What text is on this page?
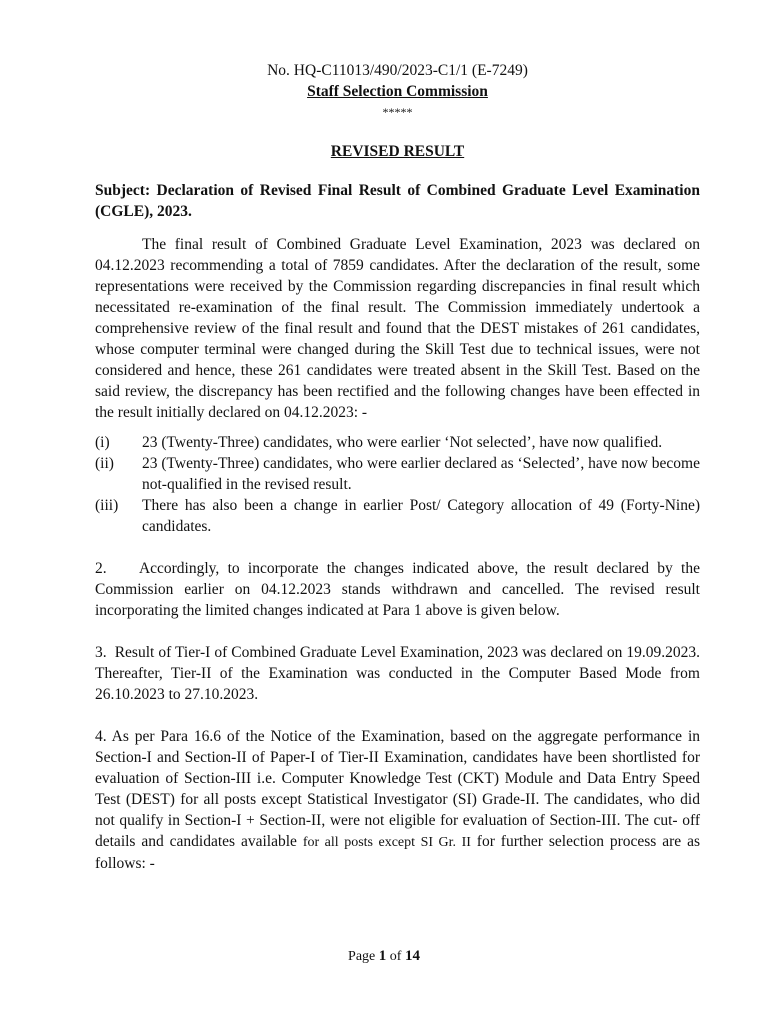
No. HQ-C11013/490/2023-C1/1 (E-7249)
Staff Selection Commission
*****
REVISED RESULT
Subject: Declaration of Revised Final Result of Combined Graduate Level Examination (CGLE), 2023.
The final result of Combined Graduate Level Examination, 2023 was declared on 04.12.2023 recommending a total of 7859 candidates. After the declaration of the result, some representations were received by the Commission regarding discrepancies in final result which necessitated re-examination of the final result. The Commission immediately undertook a comprehensive review of the final result and found that the DEST mistakes of 261 candidates, whose computer terminal were changed during the Skill Test due to technical issues, were not considered and hence, these 261 candidates were treated absent in the Skill Test. Based on the said review, the discrepancy has been rectified and the following changes have been effected in the result initially declared on 04.12.2023: -
(i)	23 (Twenty-Three) candidates, who were earlier ‘Not selected’, have now qualified.
(ii)	23 (Twenty-Three) candidates, who were earlier declared as ‘Selected’, have now become not-qualified in the revised result.
(iii)	There has also been a change in earlier Post/ Category allocation of 49 (Forty-Nine) candidates.
2.    Accordingly, to incorporate the changes indicated above, the result declared by the Commission earlier on 04.12.2023 stands withdrawn and cancelled. The revised result incorporating the limited changes indicated at Para 1 above is given below.
3.  Result of Tier-I of Combined Graduate Level Examination, 2023 was declared on 19.09.2023. Thereafter, Tier-II of the Examination was conducted in the Computer Based Mode from 26.10.2023 to 27.10.2023.
4. As per Para 16.6 of the Notice of the Examination, based on the aggregate performance in Section-I and Section-II of Paper-I of Tier-II Examination, candidates have been shortlisted for evaluation of Section-III i.e. Computer Knowledge Test (CKT) Module and Data Entry Speed Test (DEST) for all posts except Statistical Investigator (SI) Grade-II. The candidates, who did not qualify in Section-I + Section-II, were not eligible for evaluation of Section-III. The cut- off details and candidates available for all posts except SI Gr. II for further selection process are as follows: -
Page 1 of 14
